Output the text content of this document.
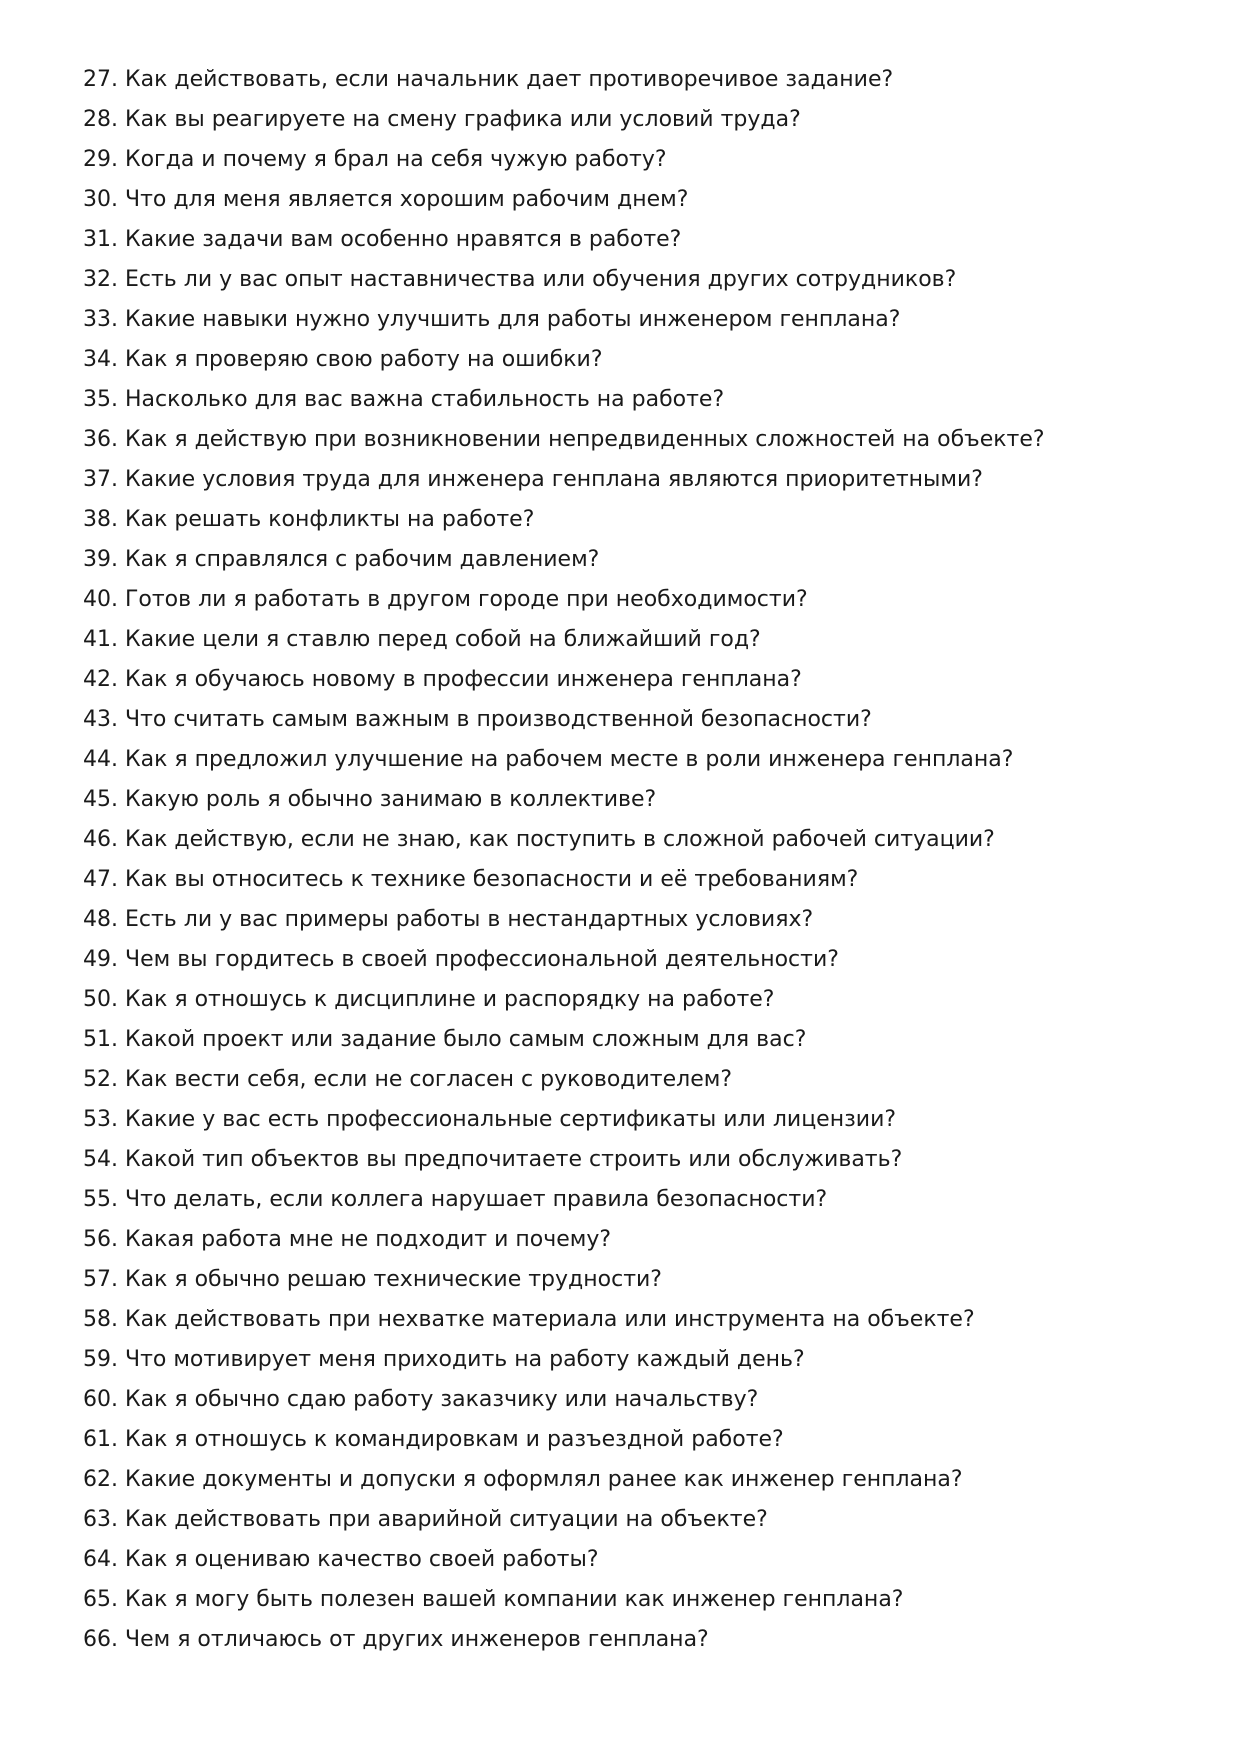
27. Как действовать, если начальник дает противоречивое задание?
28. Как вы реагируете на смену графика или условий труда?
29. Когда и почему я брал на себя чужую работу?
30. Что для меня является хорошим рабочим днем?
31. Какие задачи вам особенно нравятся в работе?
32. Есть ли у вас опыт наставничества или обучения других сотрудников?
33. Какие навыки нужно улучшить для работы инженером генплана?
34. Как я проверяю свою работу на ошибки?
35. Насколько для вас важна стабильность на работе?
36. Как я действую при возникновении непредвиденных сложностей на объекте?
37. Какие условия труда для инженера генплана являются приоритетными?
38. Как решать конфликты на работе?
39. Как я справлялся с рабочим давлением?
40. Готов ли я работать в другом городе при необходимости?
41. Какие цели я ставлю перед собой на ближайший год?
42. Как я обучаюсь новому в профессии инженера генплана?
43. Что считать самым важным в производственной безопасности?
44. Как я предложил улучшение на рабочем месте в роли инженера генплана?
45. Какую роль я обычно занимаю в коллективе?
46. Как действую, если не знаю, как поступить в сложной рабочей ситуации?
47. Как вы относитесь к технике безопасности и её требованиям?
48. Есть ли у вас примеры работы в нестандартных условиях?
49. Чем вы гордитесь в своей профессиональной деятельности?
50. Как я отношусь к дисциплине и распорядку на работе?
51. Какой проект или задание было самым сложным для вас?
52. Как вести себя, если не согласен с руководителем?
53. Какие у вас есть профессиональные сертификаты или лицензии?
54. Какой тип объектов вы предпочитаете строить или обслуживать?
55. Что делать, если коллега нарушает правила безопасности?
56. Какая работа мне не подходит и почему?
57. Как я обычно решаю технические трудности?
58. Как действовать при нехватке материала или инструмента на объекте?
59. Что мотивирует меня приходить на работу каждый день?
60. Как я обычно сдаю работу заказчику или начальству?
61. Как я отношусь к командировкам и разъездной работе?
62. Какие документы и допуски я оформлял ранее как инженер генплана?
63. Как действовать при аварийной ситуации на объекте?
64. Как я оцениваю качество своей работы?
65. Как я могу быть полезен вашей компании как инженер генплана?
66. Чем я отличаюсь от других инженеров генплана?
